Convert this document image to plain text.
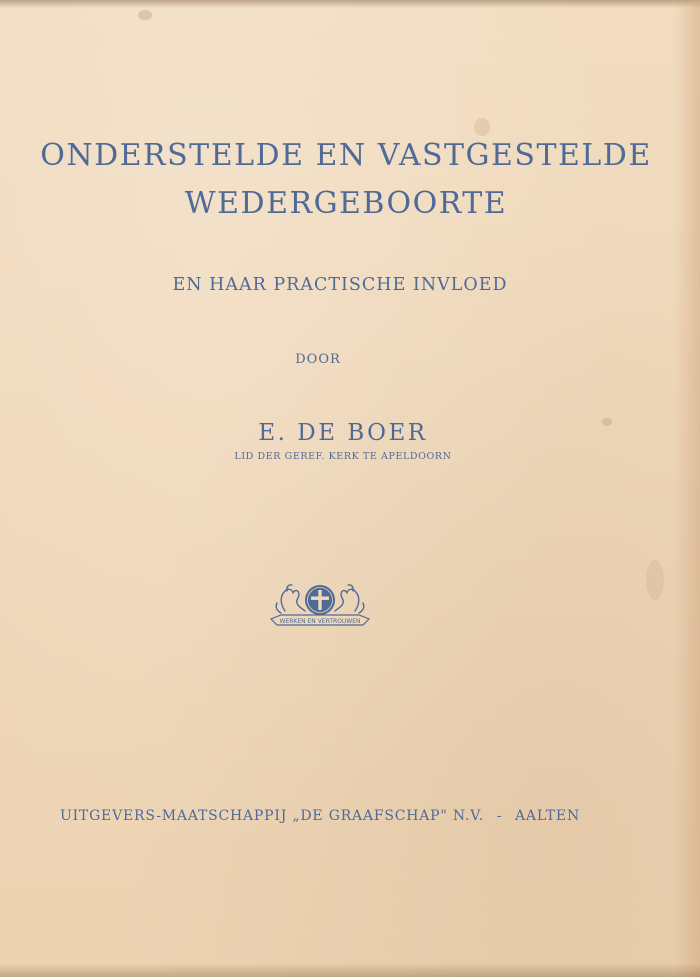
ONDERSTELDE EN VASTGESTELDE
WEDERGEBOORTE
EN HAAR PRACTISCHE INVLOED
DOOR
E. DE BOER
LID DER GEREF. KERK TE APELDOORN
WERKEN EN VERTROUWEN
UITGEVERS-MAATSCHAPPIJ „DE GRAAFSCHAP" N.V. - AALTEN
